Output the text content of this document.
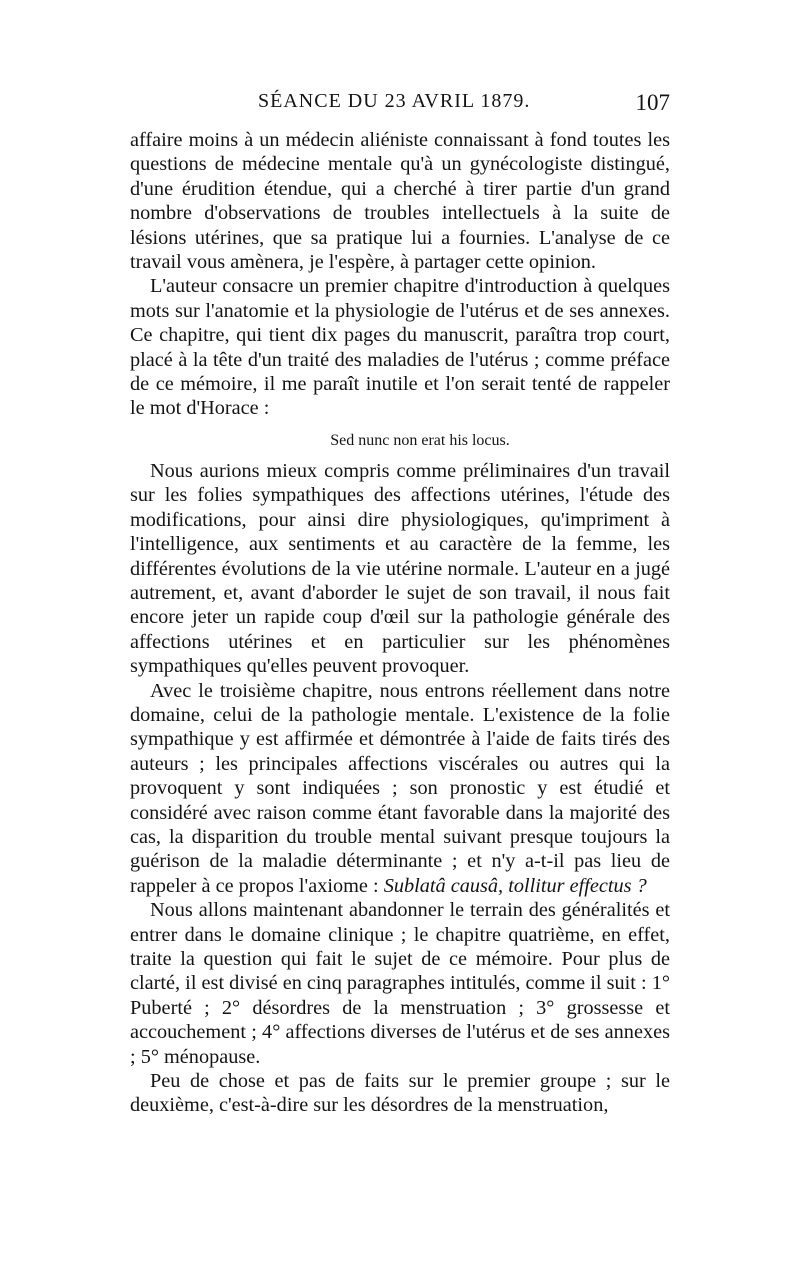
SÉANCE DU 23 AVRIL 1879.	107

affaire moins à un médecin aliéniste connaissant à fond toutes les questions de médecine mentale qu'à un gynécologiste distingué, d'une érudition étendue, qui a cherché à tirer partie d'un grand nombre d'observations de troubles intellectuels à la suite de lésions utérines, que sa pratique lui a fournies. L'analyse de ce travail vous amènera, je l'espère, à partager cette opinion.

L'auteur consacre un premier chapitre d'introduction à quelques mots sur l'anatomie et la physiologie de l'utérus et de ses annexes. Ce chapitre, qui tient dix pages du manuscrit, paraîtra trop court, placé à la tête d'un traité des maladies de l'utérus ; comme préface de ce mémoire, il me paraît inutile et l'on serait tenté de rappeler le mot d'Horace :

Sed nunc non erat his locus.

Nous aurions mieux compris comme préliminaires d'un travail sur les folies sympathiques des affections utérines, l'étude des modifications, pour ainsi dire physiologiques, qu'impriment à l'intelligence, aux sentiments et au caractère de la femme, les différentes évolutions de la vie utérine normale. L'auteur en a jugé autrement, et, avant d'aborder le sujet de son travail, il nous fait encore jeter un rapide coup d'œil sur la pathologie générale des affections utérines et en particulier sur les phénomènes sympathiques qu'elles peuvent provoquer.

Avec le troisième chapitre, nous entrons réellement dans notre domaine, celui de la pathologie mentale. L'existence de la folie sympathique y est affirmée et démontrée à l'aide de faits tirés des auteurs ; les principales affections viscérales ou autres qui la provoquent y sont indiquées ; son pronostic y est étudié et considéré avec raison comme étant favorable dans la majorité des cas, la disparition du trouble mental suivant presque toujours la guérison de la maladie déterminante ; et n'y a-t-il pas lieu de rappeler à ce propos l'axiome : Sublatâ causâ, tollitur effectus ?

Nous allons maintenant abandonner le terrain des généralités et entrer dans le domaine clinique ; le chapitre quatrième, en effet, traite la question qui fait le sujet de ce mémoire. Pour plus de clarté, il est divisé en cinq paragraphes intitulés, comme il suit : 1° Puberté ; 2° désordres de la menstruation ; 3° grossesse et accouchement ; 4° affections diverses de l'utérus et de ses annexes ; 5° ménopause.

Peu de chose et pas de faits sur le premier groupe ; sur le deuxième, c'est-à-dire sur les désordres de la menstruation,
